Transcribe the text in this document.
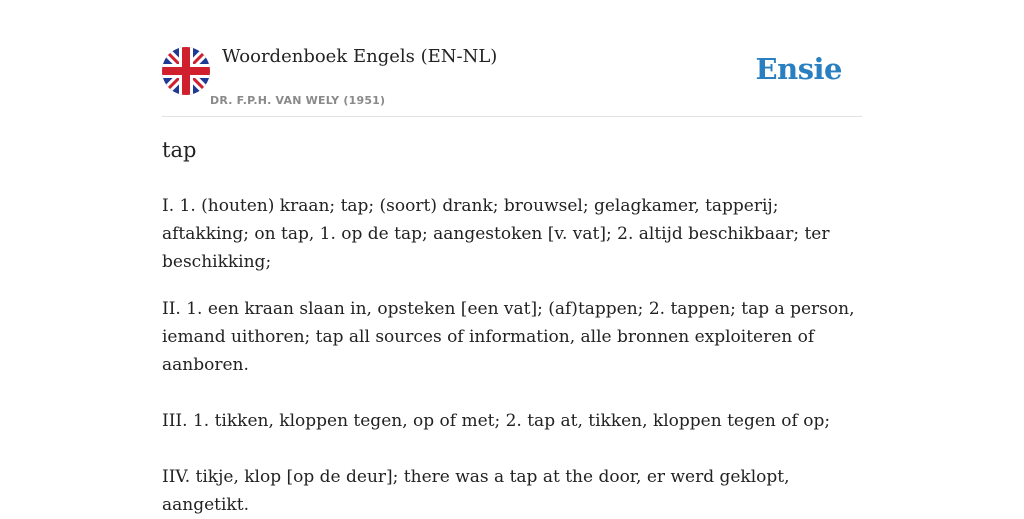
Woordenboek Engels (EN-NL)
DR. F.P.H. VAN WELY (1951)
Ensie
tap

I. 1. (houten) kraan; tap; (soort) drank; brouwsel; gelagkamer, tapperij; aftakking; on tap, 1. op de tap; aangestoken [v. vat]; 2. altijd beschikbaar; ter beschikking;

II. 1. een kraan slaan in, opsteken [een vat]; (af)tappen; 2. tappen; tap a person, iemand uithoren; tap all sources of information, alle bronnen exploiteren of aanboren.

III. 1. tikken, kloppen tegen, op of met; 2. tap at, tikken, kloppen tegen of op;

IIV. tikje, klop [op de deur]; there was a tap at the door, er werd geklopt, aangetikt.
